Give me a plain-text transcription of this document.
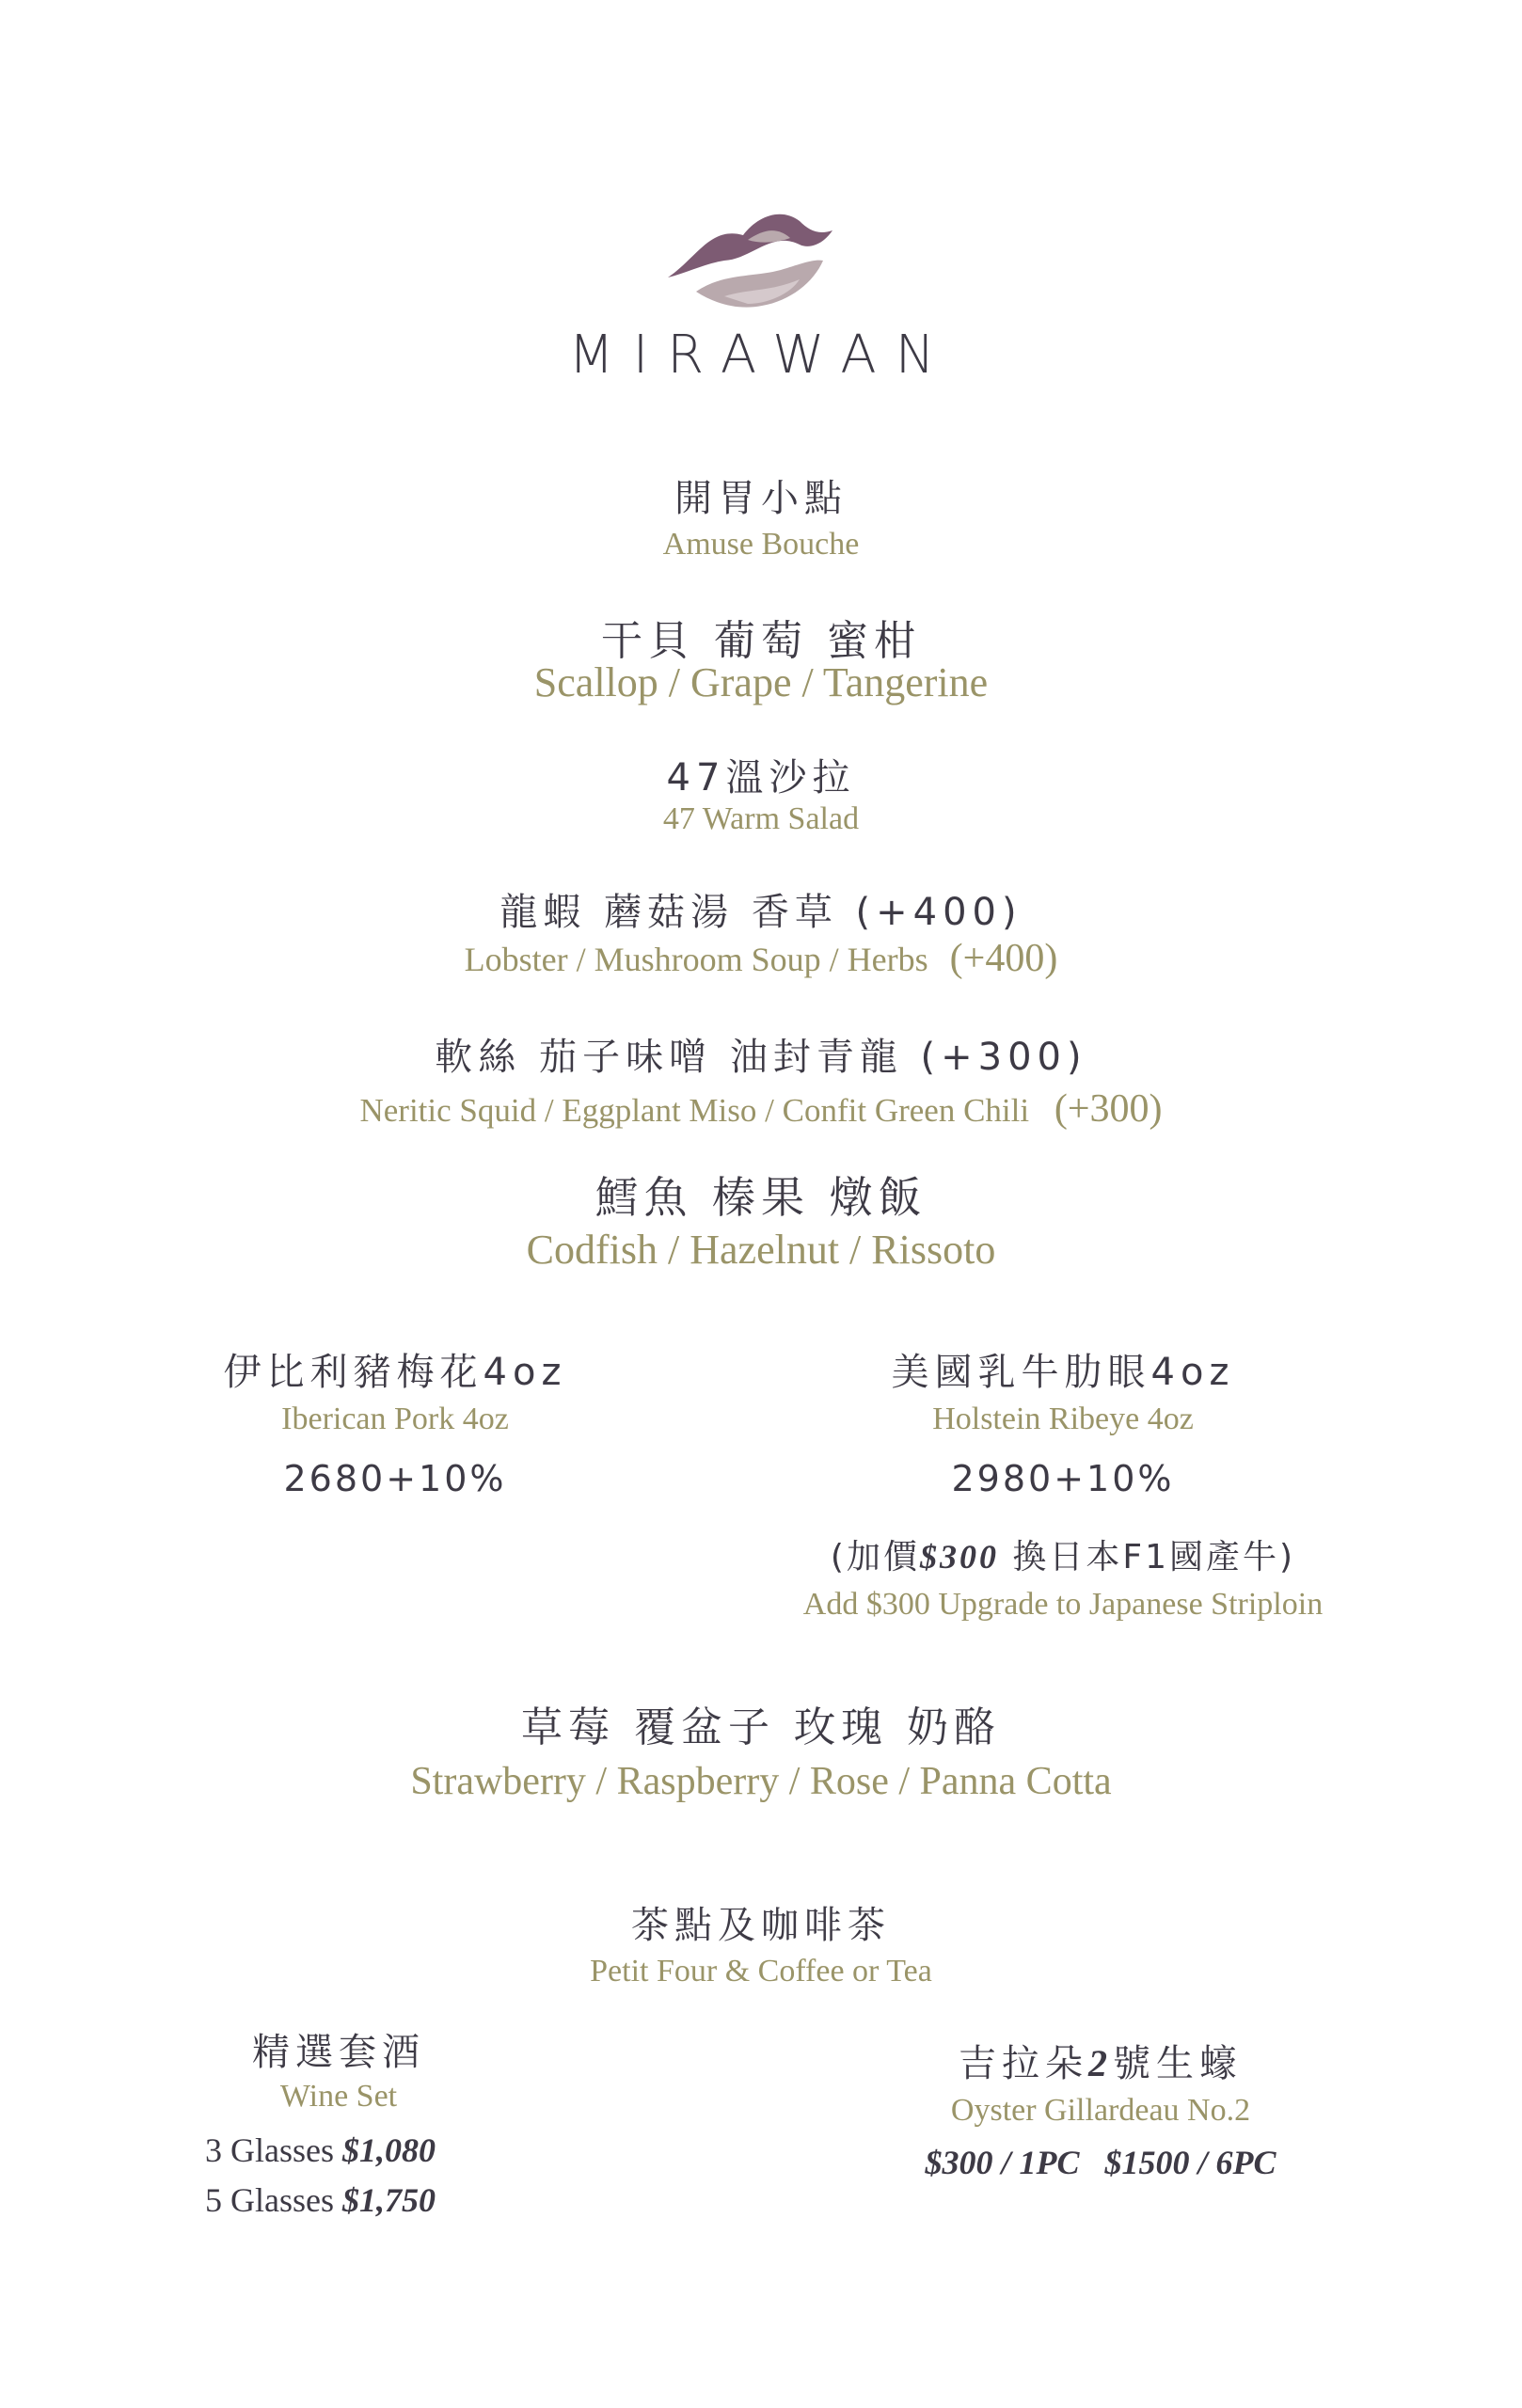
MIRAWAN
開胃小點
Amuse Bouche
干貝 葡萄 蜜柑
Scallop / Grape / Tangerine
47溫沙拉
47 Warm Salad
龍蝦 蘑菇湯 香草 (+400)
Lobster / Mushroom Soup / Herbs (+400)
軟絲 茄子味噌 油封青龍 (+300)
Neritic Squid / Eggplant Miso / Confit Green Chili (+300)
鱈魚 榛果 燉飯
Codfish / Hazelnut / Rissoto
伊比利豬梅花4oz
Iberican Pork 4oz
2680+10%
美國乳牛肋眼4oz
Holstein Ribeye 4oz
2980+10%
(加價$300 換日本F1國產牛)
Add $300 Upgrade to Japanese Striploin
草莓 覆盆子 玫瑰 奶酪
Strawberry / Raspberry / Rose / Panna Cotta
茶點及咖啡茶
Petit Four & Coffee or Tea
精選套酒
Wine Set
3 Glasses $1,080
5 Glasses $1,750
吉拉朵2號生蠔
Oyster Gillardeau No.2
$300 / 1PC   $1500 / 6PC
